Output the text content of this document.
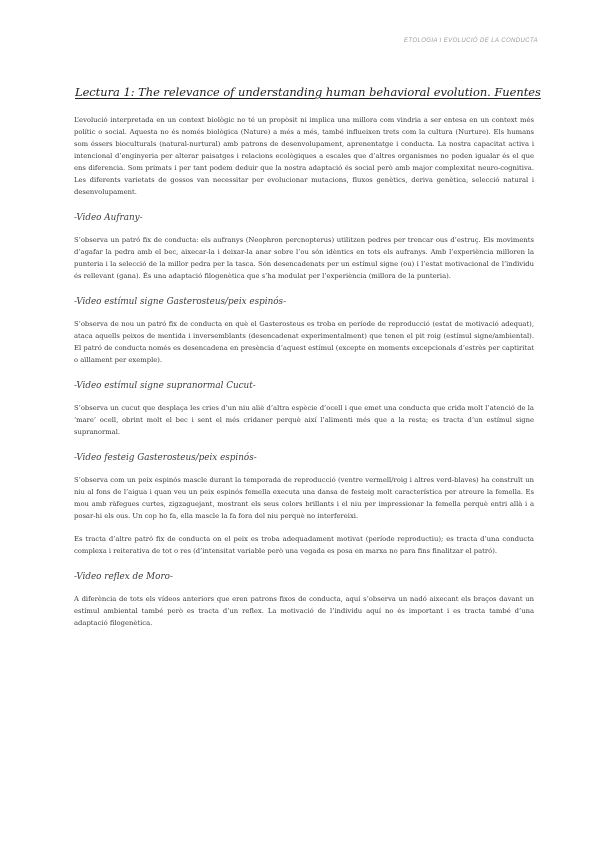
ETOLOGIA I EVOLUCIÓ DE LA CONDUCTA
Lectura 1: The relevance of understanding human behavioral evolution. Fuentes

L’evolució interpretada en un context biològic no té un propòsit ni implica una millora com vindria a ser entesa en un context més polític o social. Aquesta no és només biològica (Nature) a més a més, també influeixen trets com la cultura (Nurture). Els humans som éssers bioculturals (natural-nurtural) amb patrons de desenvolupament, aprenentatge i conducta. La nostra capacitat activa i intencional d’enginyeria per alterar paisatges i relacions ecològiques a escales que d’altres organismes no poden igualar és el que ens diferencia. Som primats i per tant podem deduir que la nostra adaptació és social però amb major complexitat neuro-cognitiva. Les diferents varietats de gossos van necessitar per evolucionar mutacions, fluxos genètics, deriva genètica, selecció natural i desenvolupament.

-Video Aufrany-

S’observa un patró fix de conducta: els aufranys (Neophron percnopterus) utilitzen pedres per trencar ous d’estruç. Els moviments d’agafar la pedra amb el bec, aixecar-la i deixar-la anar sobre l’ou són idèntics en tots els aufranys. Amb l’experiència milloren la punteria i la selecció de la millor pedra per la tasca. Són desencadenats per un estímul signe (ou) i l’estat motivacional de l’individu és rellevant (gana). És una adaptació filogenètica que s’ha modulat per l’experiència (millora de la punteria).

-Video estímul signe Gasterosteus/peix espinós-

S’observa de nou un patró fix de conducta en què el Gasterosteus es troba en període de reproducció (estat de motivació adequat), ataca aquells peixos de mentida i inversemblants (desencadenat experimentalment) que tenen el pit roig (estímul signe/ambiental). El patró de conducta només es desencadena en presència d’aquest estímul (excepte en moments excepcionals d’estrès per captiritat o aïllament per exemple).

-Video estímul signe supranormal Cucut-

S’observa un cucut que desplaça les cries d’un niu aliè d’altra espècie d’ocell i que emet una conducta que crida molt l’atenció de la ‘mare’ ocell, obrint molt el bec i sent el més cridaner perquè així l’alimenti més que a la resta; es tracta d’un estímul signe supranormal.

-Video festeig Gasterosteus/peix espinós-

S’observa com un peix espinós mascle durant la temporada de reproducció (ventre vermell/roig i altres verd-blaves) ha construït un niu al fons de l’aigua i quan veu un peix espinós femella executa una dansa de festeig molt característica per atreure la femella. Es mou amb ràfegues curtes, zigzaguejant, mostrant els seus colors brillants i el niu per impressionar la femella perquè entri allà i a posar-hi els ous. Un cop ho fa, ella mascle la fa fora del niu perquè no interfereixi.

Es tracta d’altre patró fix de conducta on el peix es troba adequadament motivat (període reproductiu); es tracta d’una conducta complexa i reiterativa de tot o res (d’intensitat variable però una vegada es posa en marxa no para fins finalitzar el patró).

-Video reflex de Moro-

A diferència de tots els vídeos anteriors que eren patrons fixos de conducta, aquí s’observa un nadó aixecant els braços davant un estímul ambiental també però es tracta d’un reflex. La motivació de l’individu aquí no és important i es tracta també d’una adaptació filogenètica.
